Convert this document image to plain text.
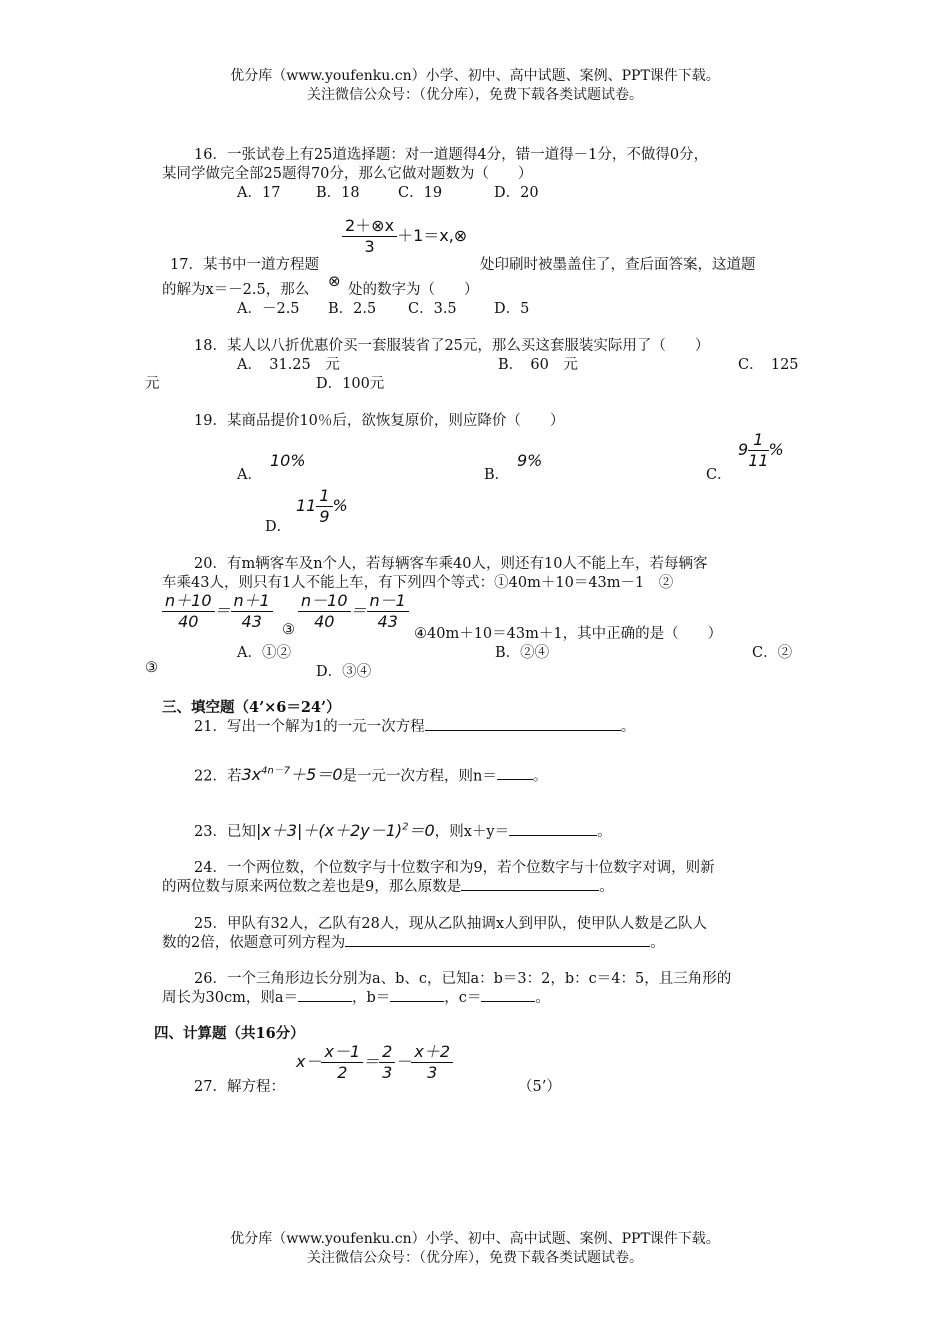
优分库（www.youfenku.cn）小学、初中、高中试题、案例、PPT课件下载。
关注微信公众号：（优分库），免费下载各类试题试卷。
16．一张试卷上有25道选择题：对一道题得4分，错一道得－1分，不做得0分，
某同学做完全部25题得70分，那么它做对题数为（　　）
A．17 B．18	C．19	D．20
$\frac{2+\otimes x}{3}$ ＋1＝x,⊗
17．某书中一道方程题	处印刷时被墨盖住了，查后面答案，这道题
的解为x＝－2.5，那么 ⊗ 处的数字为（　　）
A．－2.5 B．2.5 C．3.5	D．5
18．某人以八折优惠价买一套服装省了25元，那么买这套服装实际用了（　　）
A．　31.25　元	B．　60　元	C．　125
元	D．100元
19．某商品提价10％后，欲恢复原价，则应降价（　　）
A．
10%
B．
9%
C．
$9 \frac{1}{11}$ %
$11 \frac{1}{9}$ %
D．
20．有m辆客车及n个人，若每辆客车乘40人，则还有10人不能上车，若每辆客
车乘43人，则只有1人不能上车，有下列四个等式：①40m＋10＝43m－1　②
$\frac{n+10}{40} = \frac{n+1}{43}$ ③ $\frac{n-10}{40} = \frac{n-1}{43}$
④40m＋10＝43m＋1，其中正确的是（　　）
A．①②	B．②④	C．②
③	D．③④
三、填空题（4’×6＝24’）
21．写出一个解为1的一元一次方程	。
22．若$3x^{4n-7}+5=0$是一元一次方程，则n＝ 。
23．已知$|x+3|+(x+2y-1)^2=0$，则x＋y＝	。
24．一个两位数，个位数字与十位数字和为9，若个位数字与十位数字对调，则新
的两位数与原来两位数之差也是9，那么原数是	。
25．甲队有32人，乙队有28人，现从乙队抽调x人到甲队，使甲队人数是乙队人
数的2倍，依题意可列方程为	。
26．一个三角形边长分别为a、b、c，已知a：b＝3：2，b：c＝4：5，且三角形的
周长为30cm，则a＝	，b＝	，c＝	。
四、计算题（共16分）
27．解方程：
$x- \frac{x-1}{2} = \frac{2}{3} - \frac{x+2}{3}$
（5’）
优分库（www.youfenku.cn）小学、初中、高中试题、案例、PPT课件下载。
关注微信公众号：（优分库），免费下载各类试题试卷。
